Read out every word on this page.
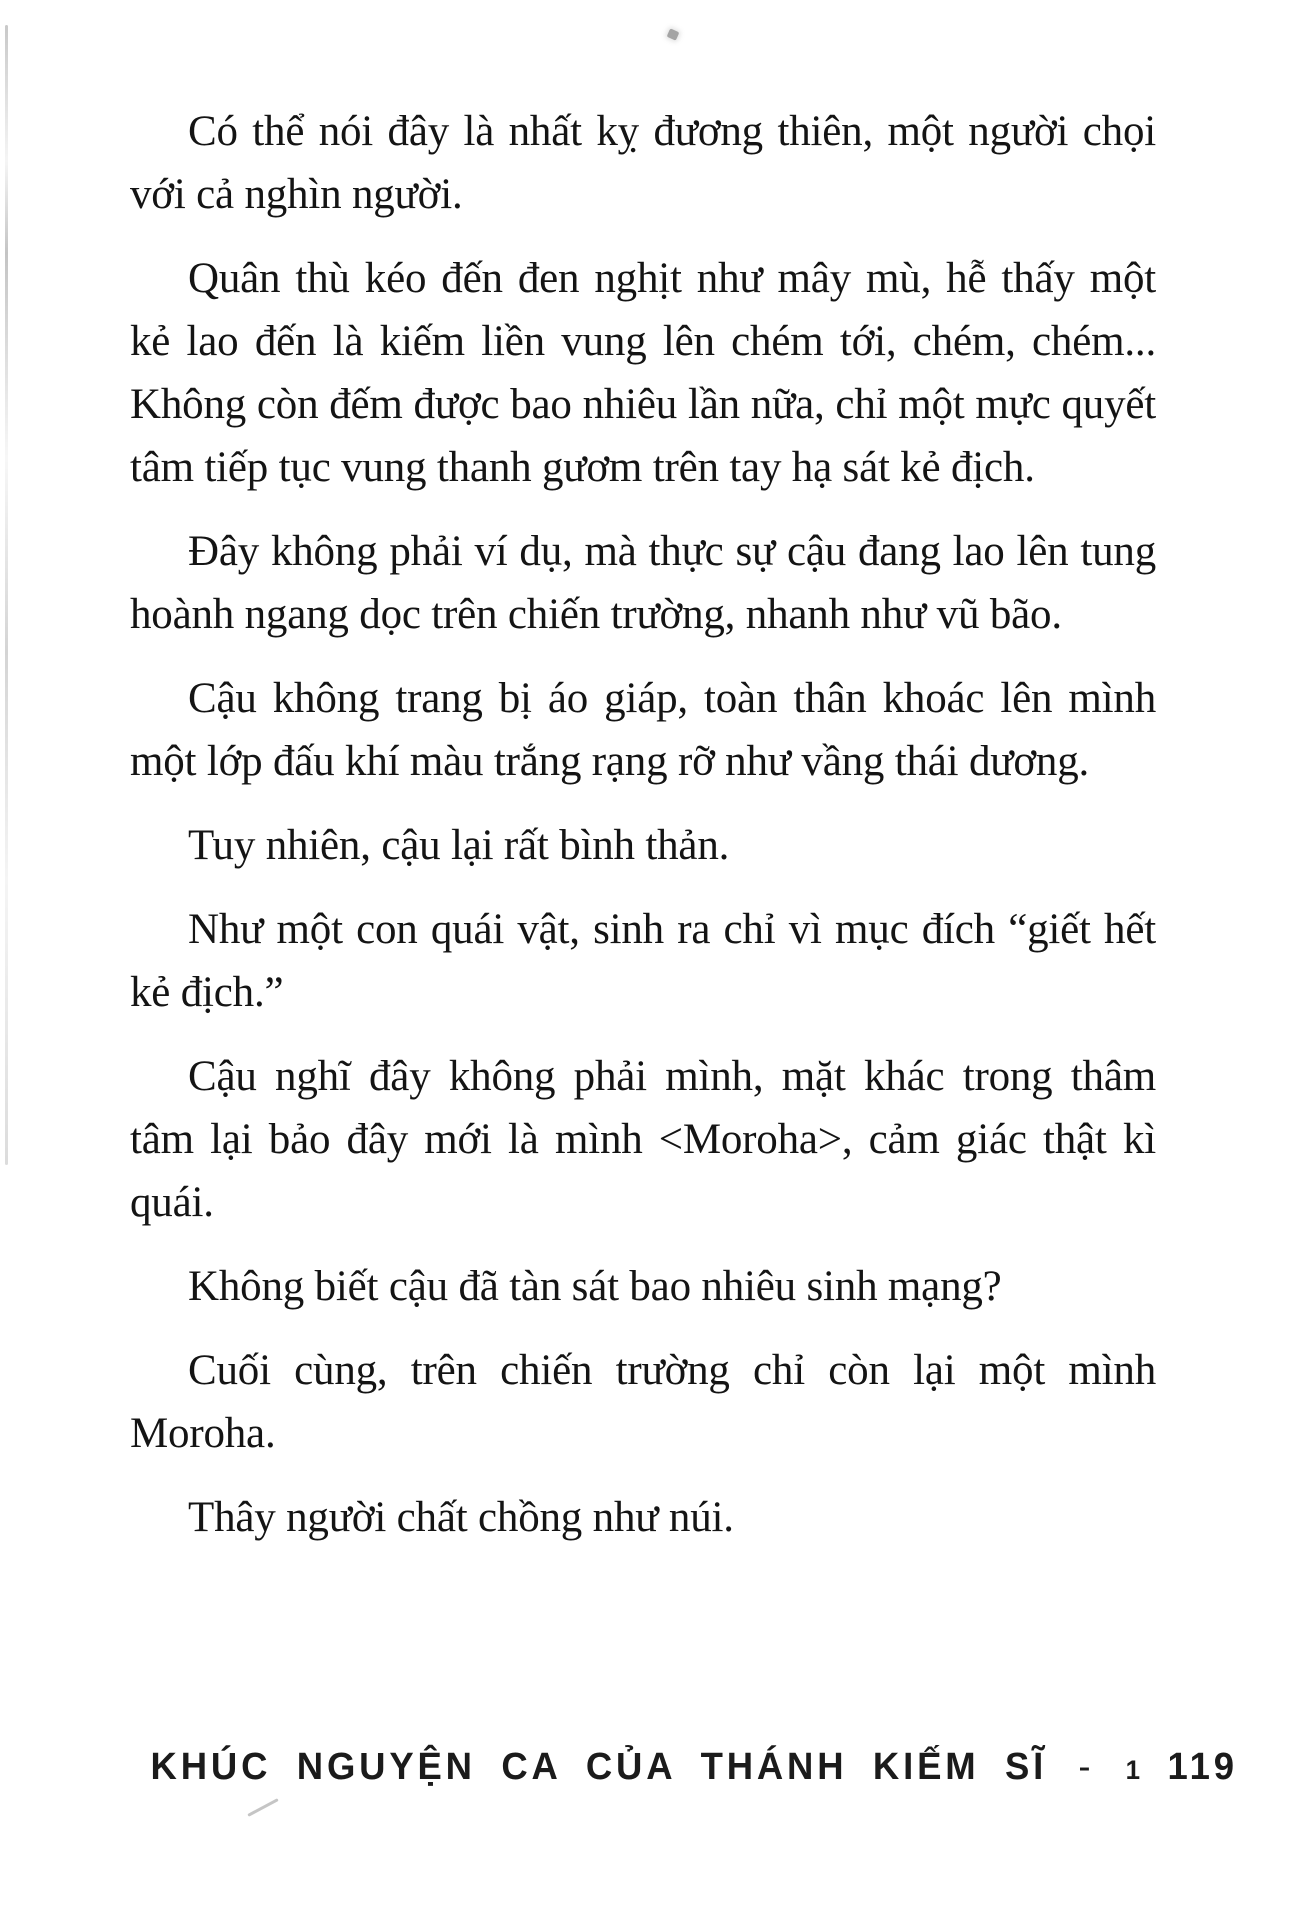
Có thể nói đây là nhất kỵ đương thiên, một người chọi với cả nghìn người.

Quân thù kéo đến đen nghịt như mây mù, hễ thấy một kẻ lao đến là kiếm liền vung lên chém tới, chém, chém... Không còn đếm được bao nhiêu lần nữa, chỉ một mực quyết tâm tiếp tục vung thanh gươm trên tay hạ sát kẻ địch.

Đây không phải ví dụ, mà thực sự cậu đang lao lên tung hoành ngang dọc trên chiến trường, nhanh như vũ bão.

Cậu không trang bị áo giáp, toàn thân khoác lên mình một lớp đấu khí màu trắng rạng rỡ như vầng thái dương.

Tuy nhiên, cậu lại rất bình thản.

Như một con quái vật, sinh ra chỉ vì mục đích “giết hết kẻ địch.”

Cậu nghĩ đây không phải mình, mặt khác trong thâm tâm lại bảo đây mới là mình <Moroha>, cảm giác thật kì quái.

Không biết cậu đã tàn sát bao nhiêu sinh mạng?

Cuối cùng, trên chiến trường chỉ còn lại một mình Moroha.

Thây người chất chồng như núi.

KHÚC NGUYỆN CA CỦA THÁNH KIẾM SĨ - 1 119
